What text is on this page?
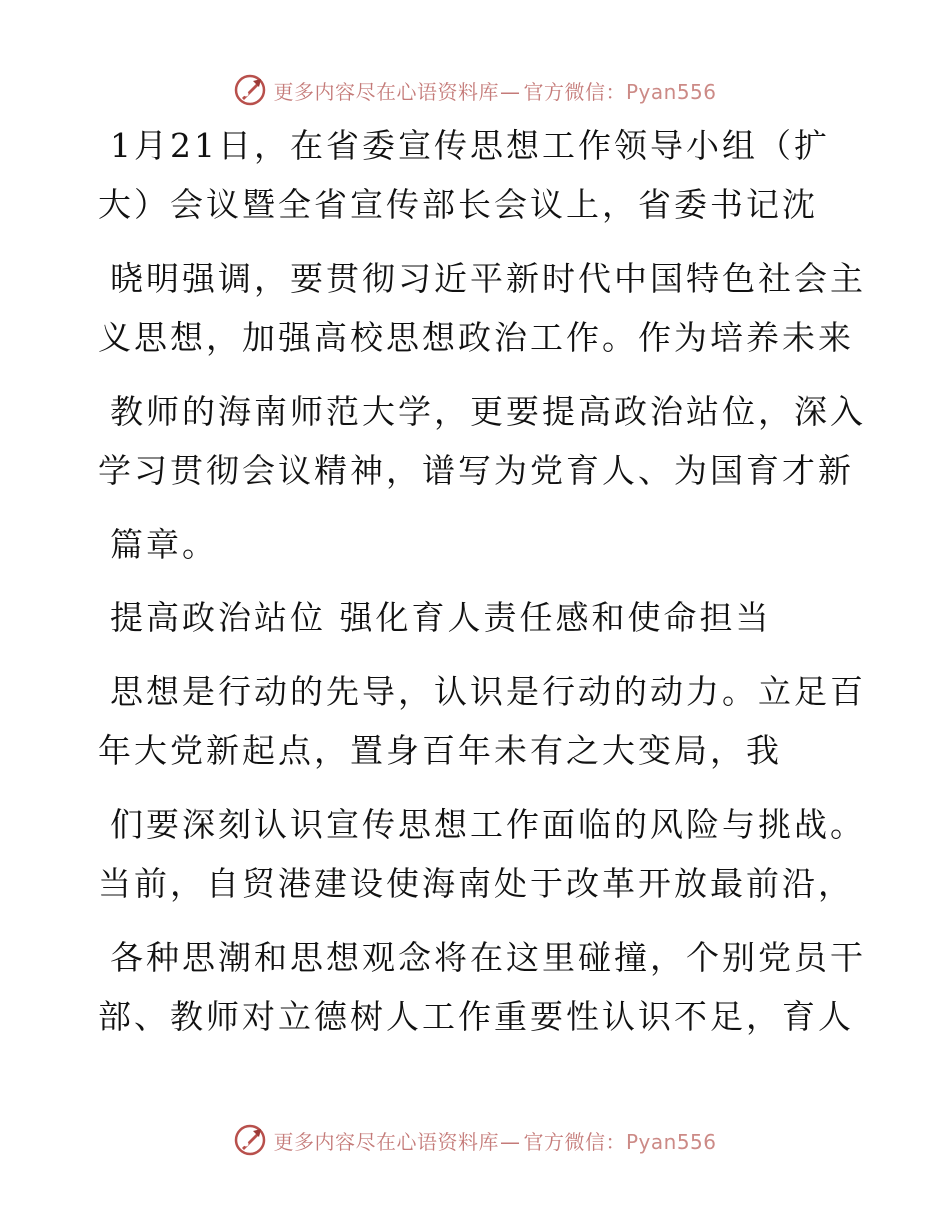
更多内容尽在心语资料库— 官方微信：Pyan556
1月21日，在省委宣传思想工作领导小组（扩
大）会议暨全省宣传部长会议上，省委书记沈
晓明强调，要贯彻习近平新时代中国特色社会主
义思想，加强高校思想政治工作。作为培养未来
教师的海南师范大学，更要提高政治站位，深入
学习贯彻会议精神，谱写为党育人、为国育才新
篇章。
提高政治站位 强化育人责任感和使命担当
思想是行动的先导，认识是行动的动力。立足百
年大党新起点，置身百年未有之大变局，我
们要深刻认识宣传思想工作面临的风险与挑战。
当前，自贸港建设使海南处于改革开放最前沿，
各种思潮和思想观念将在这里碰撞，个别党员干
部、教师对立德树人工作重要性认识不足，育人
更多内容尽在心语资料库— 官方微信：Pyan556
